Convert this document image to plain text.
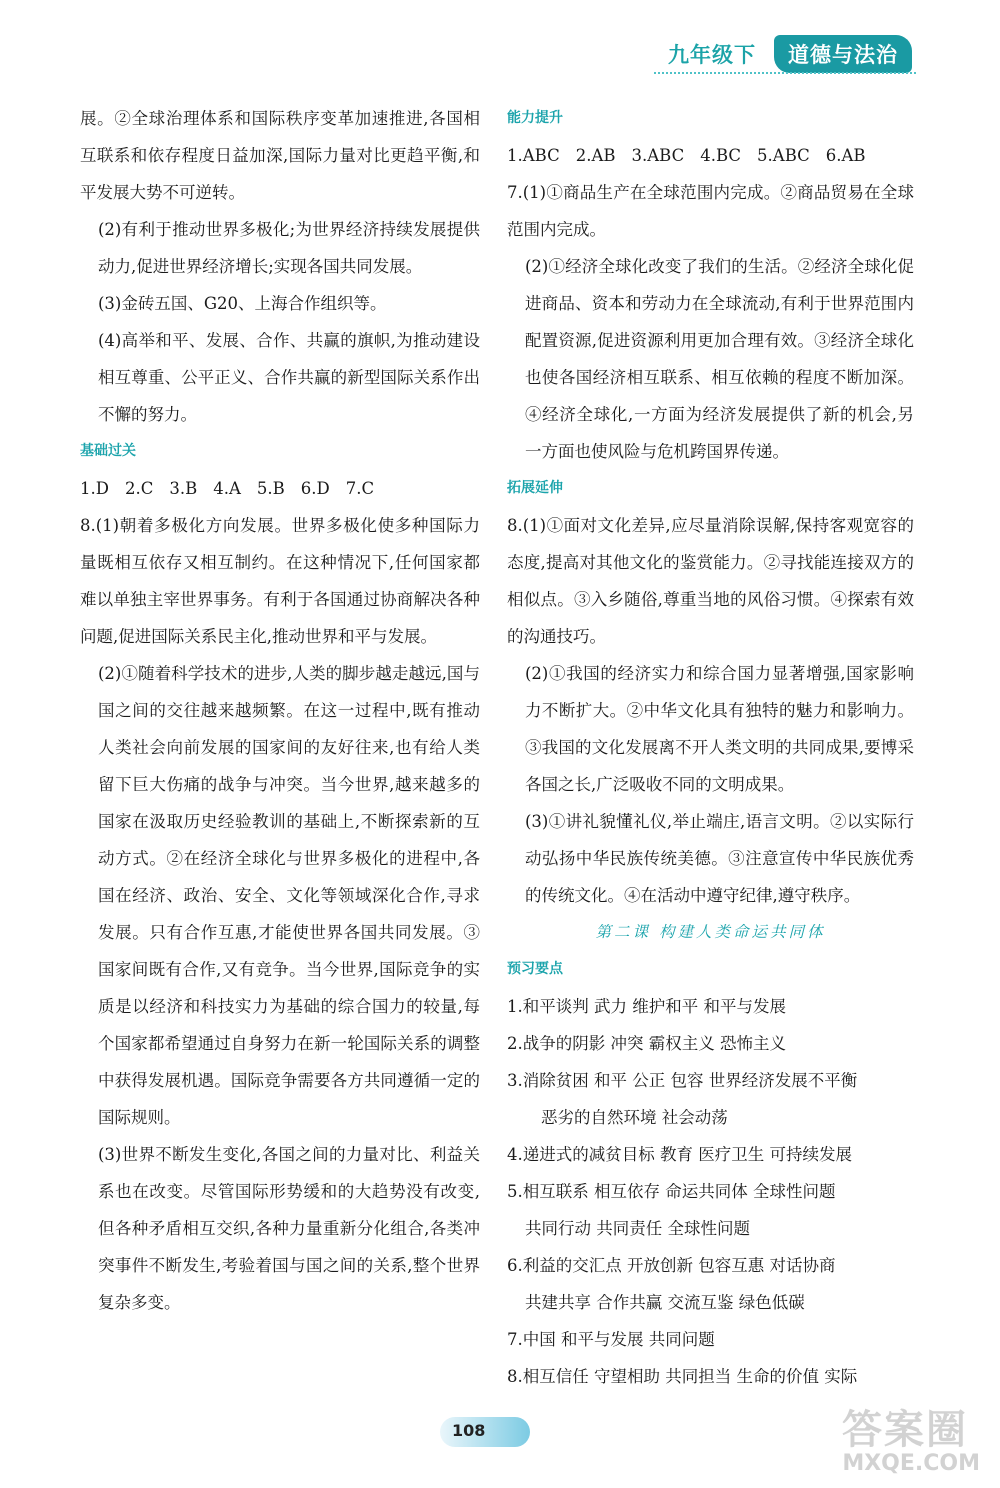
九年级下	道德与法治

展。②全球治理体系和国际秩序变革加速推进,各国相互联系和依存程度日益加深,国际力量对比更趋平衡,和平发展大势不可逆转。

(2)有利于推动世界多极化;为世界经济持续发展提供动力,促进世界经济增长;实现各国共同发展。

(3)金砖五国、G20、上海合作组织等。

(4)高举和平、发展、合作、共赢的旗帜,为推动建设相互尊重、公平正义、合作共赢的新型国际关系作出不懈的努力。

基础过关

1.D 2.C 3.B 4.A 5.B 6.D 7.C

8.(1)朝着多极化方向发展。世界多极化使多种国际力量既相互依存又相互制约。在这种情况下,任何国家都难以单独主宰世界事务。有利于各国通过协商解决各种问题,促进国际关系民主化,推动世界和平与发展。

(2)①随着科学技术的进步,人类的脚步越走越远,国与国之间的交往越来越频繁。在这一过程中,既有推动人类社会向前发展的国家间的友好往来,也有给人类留下巨大伤痛的战争与冲突。当今世界,越来越多的国家在汲取历史经验教训的基础上,不断探索新的互动方式。②在经济全球化与世界多极化的进程中,各国在经济、政治、安全、文化等领域深化合作,寻求发展。只有合作互惠,才能使世界各国共同发展。③国家间既有合作,又有竞争。当今世界,国际竞争的实质是以经济和科技实力为基础的综合国力的较量,每个国家都希望通过自身努力在新一轮国际关系的调整中获得发展机遇。国际竞争需要各方共同遵循一定的国际规则。

(3)世界不断发生变化,各国之间的力量对比、利益关系也在改变。尽管国际形势缓和的大趋势没有改变,但各种矛盾相互交织,各种力量重新分化组合,各类冲突事件不断发生,考验着国与国之间的关系,整个世界复杂多变。

能力提升

1.ABC 2.AB 3.ABC 4.BC 5.ABC 6.AB

7.(1)①商品生产在全球范围内完成。②商品贸易在全球范围内完成。

(2)①经济全球化改变了我们的生活。②经济全球化促进商品、资本和劳动力在全球流动,有利于世界范围内配置资源,促进资源利用更加合理有效。③经济全球化也使各国经济相互联系、相互依赖的程度不断加深。④经济全球化,一方面为经济发展提供了新的机会,另一方面也使风险与危机跨国界传递。

拓展延伸

8.(1)①面对文化差异,应尽量消除误解,保持客观宽容的态度,提高对其他文化的鉴赏能力。②寻找能连接双方的相似点。③入乡随俗,尊重当地的风俗习惯。④探索有效的沟通技巧。

(2)①我国的经济实力和综合国力显著增强,国家影响力不断扩大。②中华文化具有独特的魅力和影响力。③我国的文化发展离不开人类文明的共同成果,要博采各国之长,广泛吸收不同的文明成果。

(3)①讲礼貌懂礼仪,举止端庄,语言文明。②以实际行动弘扬中华民族传统美德。③注意宣传中华民族优秀的传统文化。④在活动中遵守纪律,遵守秩序。

第二课 构建人类命运共同体

预习要点

1.和平谈判 武力 维护和平 和平与发展

2.战争的阴影 冲突 霸权主义 恐怖主义

3.消除贫困 和平 公正 包容 世界经济发展不平衡

恶劣的自然环境 社会动荡

4.递进式的减贫目标 教育 医疗卫生 可持续发展

5.相互联系 相互依存 命运共同体 全球性问题

共同行动 共同责任 全球性问题

6.利益的交汇点 开放创新 包容互惠 对话协商

共建共享 合作共赢 交流互鉴 绿色低碳

7.中国 和平与发展 共同问题

8.相互信任 守望相助 共同担当 生命的价值 实际

108	答案圈
MXQE.COM
